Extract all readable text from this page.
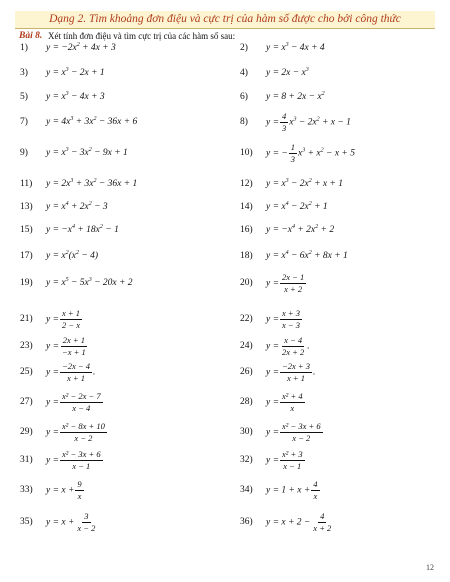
Dạng 2. Tìm khoảng đơn điệu và cực trị của hàm số được cho bởi công thức
Bài 8. Xét tính đơn điệu và tìm cực trị của các hàm số sau:
1)	$y = -2x^2 + 4x + 3$	2)	$y = x^3 - 4x + 4$
3)	$y = x^3 - 2x + 1$	4)	$y = 2x - x^3$
5)	$y = x^3 - 4x + 3$	6)	$y = 8 + 2x - x^2$
7)	$y = 4x^3 + 3x^2 - 36x + 6$	8)	$y = \frac{4}{3} x^3 - 2x^2 + x - 1$
9)	$y = x^3 - 3x^2 - 9x + 1$	10)	y = − $\frac{1}{3} x^3 + x^2 - x + 5$
11)	$y = 2x^3 + 3x^2 - 36x + 1$	12)	$y = x^3 - 2x^2 + x + 1$
13)	$y = x^4 + 2x^2 - 3$	14)	$y = x^4 - 2x^2 + 1$
15)	$y = -x^4 + 18x^2 - 1$	16)	$y = -x^4 + 2x^2 + 2$
17)	$y = x^2(x^2 - 4)$	18)	$y = x^4 - 6x^2 + 8x + 1$
19)	$y = x^5 - 5x^3 - 20x + 2$	20)	$y = \frac{2x - 1}{x + 2}$
21)	$y = \frac{x + 1}{2 - x}$	22)	$y = \frac{x + 3}{x - 3}$
23)	$y = \frac{2x + 1}{-x + 1}$	24)	$y = \frac{x - 4}{2x + 2}$ .
25)	$y = \frac{-2x - 4}{x + 1}$ .	26)	$y = \frac{-2x + 3}{x + 1}$ .
27)	$y = \frac{\text{x² − 2x − 7}}{x - 4}$	28)	$y = \frac{\text{x² + 4}}{x}$
29)	$y = \frac{\text{x² − 8x + 10}}{x - 2}$	30)	$y = \frac{\text{x² − 3x + 6}}{x - 2}$
31)	$y = \frac{\text{x² − 3x + 6}}{x - 1}$	32)	$y = \frac{\text{x² + 3}}{x - 1}$
33)	$y = x + \frac{9}{x}$	34)	$y = 1 + x + \frac{4}{x}$
35)	$y = x + \frac{3}{x - 2}$	36)	$y = x + 2 - \frac{4}{x + 2}$
12
